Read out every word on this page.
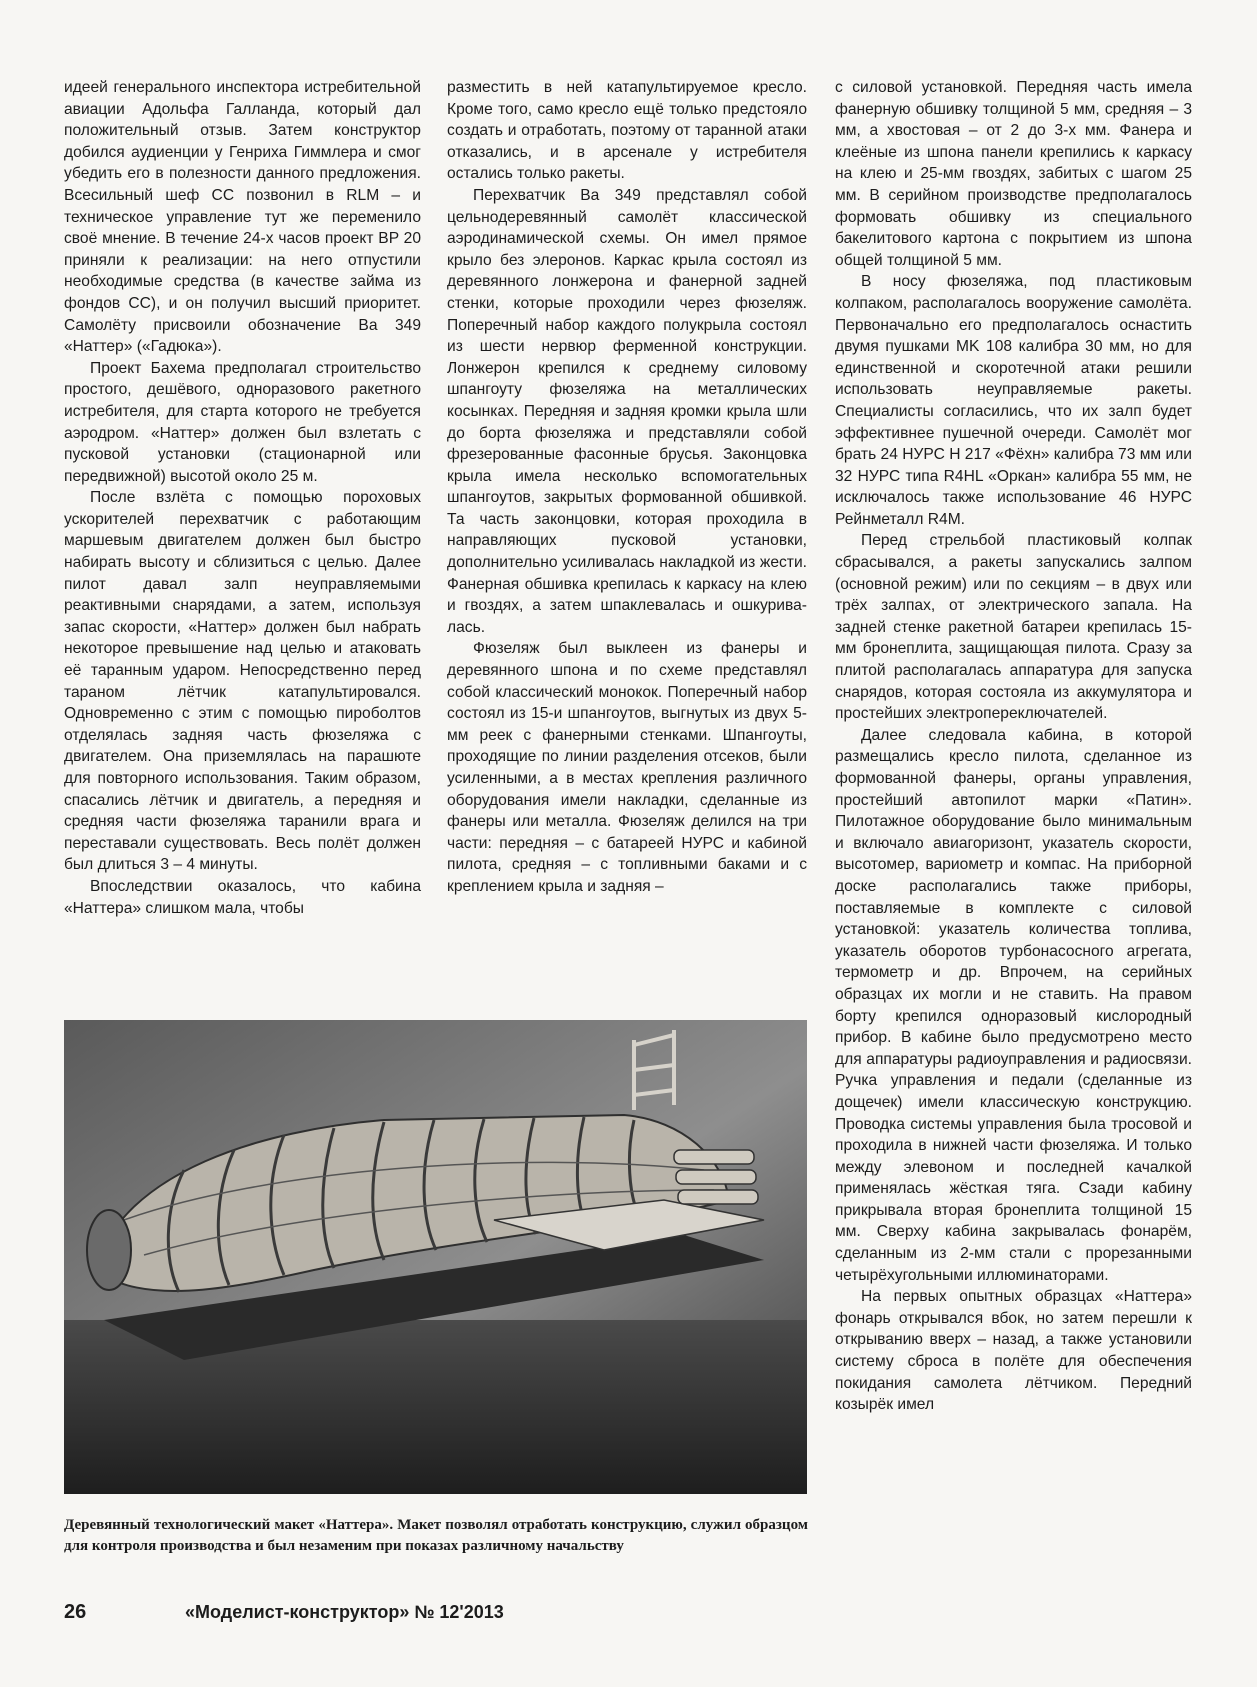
идеей генерального инспектора истребительной авиации Адольфа Галланда, который дал положительный отзыв. Затем конструктор добился аудиенции у Генриха Гиммлера и смог убедить его в полезности данного предложения. Всесильный шеф СС позвонил в RLM – и техническое управление тут же переменило своё мнение. В течение 24-х часов проект BP 20 приняли к реализации: на него отпустили необходимые средства (в качестве займа из фондов СС), и он получил высший приоритет. Самолёту присвоили обозначение Ba 349 «Наттер» («Гадюка»).

Проект Бахема предполагал строительство простого, дешёвого, одноразового ракетного истребителя, для старта которого не требуется аэродром. «Наттер» должен был взлетать с пусковой установки (стационарной или передвижной) высотой около 25 м.

После взлёта с помощью пороховых ускорителей перехватчик с работающим маршевым двигателем должен был быстро набирать высоту и сблизиться с целью. Далее пилот давал залп неуправляемыми реактивными снарядами, а затем, используя запас скорости, «Наттер» должен был набрать некоторое превышение над целью и атаковать её таранным ударом. Непосредственно перед тараном лётчик катапультировался. Одновременно с этим с помощью пироболтов отделялась задняя часть фюзеляжа с двигателем. Она приземлялась на парашюте для повторного использования. Таким образом, спасались лётчик и двигатель, а передняя и средняя части фюзеляжа таранили врага и переставали существовать. Весь полёт должен был длиться 3 – 4 минуты.

Впоследствии оказалось, что кабина «Наттера» слишком мала, чтобы

разместить в ней катапультируемое кресло. Кроме того, само кресло ещё только предстояло создать и отработать, поэтому от таранной атаки отказались, и в арсенале у истребителя остались только ракеты.

Перехватчик Ba 349 представлял собой цельнодеревянный самолёт классической аэродинамической схемы. Он имел прямое крыло без элеронов. Каркас крыла состоял из деревянного лонжерона и фанерной задней стенки, которые проходили через фюзеляж. Поперечный набор каждого полукрыла состоял из шести нервюр ферменной конструкции. Лонжерон крепился к среднему силовому шпангоуту фюзеляжа на металлических косынках. Передняя и задняя кромки крыла шли до борта фюзеляжа и представляли собой фрезерованные фасонные брусья. Законцовка крыла имела несколько вспомогательных шпангоутов, закрытых формованной обшивкой. Та часть законцовки, которая проходила в направляющих пусковой установки, дополнительно усиливалась накладкой из жести. Фанерная обшивка крепилась к каркасу на клею и гвоздях, а затем шпаклевалась и ошкуривалась.

Фюзеляж был выклеен из фанеры и деревянного шпона и по схеме представлял собой классический монокок. Поперечный набор состоял из 15-и шпангоутов, выгнутых из двух 5-мм реек с фанерными стенками. Шпангоуты, проходящие по линии разделения отсеков, были усиленными, а в местах крепления различного оборудования имели накладки, сделанные из фанеры или металла. Фюзеляж делился на три части: передняя – с батареей НУРС и кабиной пилота, средняя – с топливными баками и с креплением крыла и задняя –

с силовой установкой. Передняя часть имела фанерную обшивку толщиной 5 мм, средняя – 3 мм, а хвостовая – от 2 до 3-х мм. Фанера и клеёные из шпона панели крепились к каркасу на клею и 25-мм гвоздях, забитых с шагом 25 мм. В серийном производстве предполагалось формовать обшивку из специального бакелитового картона с покрытием из шпона общей толщиной 5 мм.

В носу фюзеляжа, под пластиковым колпаком, располагалось вооружение самолёта. Первоначально его предполагалось оснастить двумя пушками MK 108 калибра 30 мм, но для единственной и скоротечной атаки решили использовать неуправляемые ракеты. Специалисты согласились, что их залп будет эффективнее пушечной очереди. Самолёт мог брать 24 НУРС H 217 «Фёхн» калибра 73 мм или 32 НУРС типа R4HL «Оркан» калибра 55 мм, не исключалось также использование 46 НУРС Рейнметалл R4M.

Перед стрельбой пластиковый колпак сбрасывался, а ракеты запускались залпом (основной режим) или по секциям – в двух или трёх залпах, от электрического запала. На задней стенке ракетной батареи крепилась 15-мм бронеплита, защищающая пилота. Сразу за плитой располагалась аппаратура для запуска снарядов, которая состояла из аккумулятора и простейших электропереключателей.

Далее следовала кабина, в которой размещались кресло пилота, сделанное из формованной фанеры, органы управления, простейший автопилот марки «Патин». Пилотажное оборудование было минимальным и включало авиагоризонт, указатель скорости, высотомер, вариометр и компас. На приборной доске располагались также приборы, поставляемые в комплекте с силовой установкой: указатель количества топлива, указатель оборотов турбонасосного агрегата, термометр и др. Впрочем, на серийных образцах их могли и не ставить. На правом борту крепился одноразовый кислородный прибор. В кабине было предусмотрено место для аппаратуры радиоуправления и радиосвязи. Ручка управления и педали (сделанные из дощечек) имели классическую конструкцию. Проводка системы управления была тросовой и проходила в нижней части фюзеляжа. И только между элевоном и последней качалкой применялась жёсткая тяга. Сзади кабину прикрывала вторая бронеплита толщиной 15 мм. Сверху кабина закрывалась фонарём, сделанным из 2-мм стали с прорезанными четырёхугольными иллюминаторами.

На первых опытных образцах «Наттера» фонарь открывался вбок, но затем перешли к открыванию вверх – назад, а также установили систему сброса в полёте для обеспечения покидания самолета лётчиком. Передний козырёк имел

Деревянный технологический макет «Наттера». Макет позволял отработать конструкцию, служил образцом для контроля производства и был незаменим при показах различному начальству
26	«Моделист-конструктор» № 12'2013
